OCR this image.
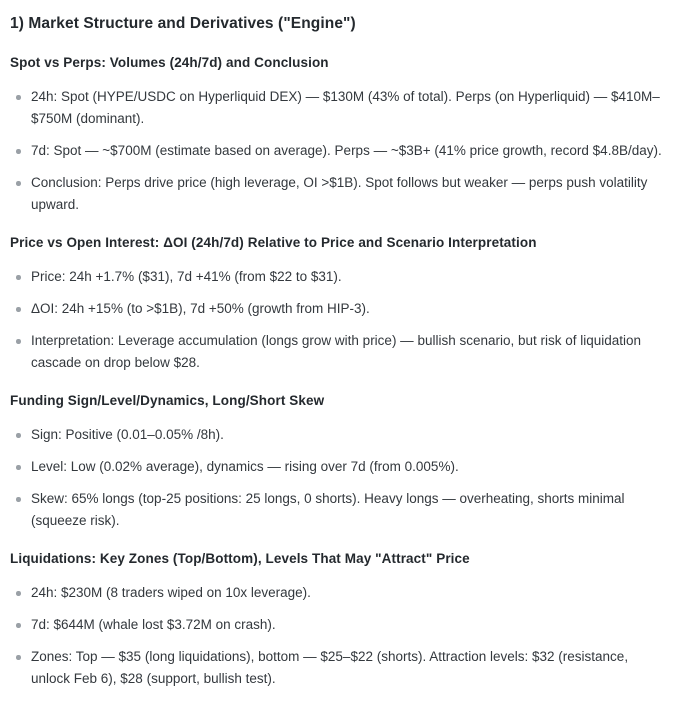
1) Market Structure and Derivatives ("Engine")
Spot vs Perps: Volumes (24h/7d) and Conclusion
24h: Spot (HYPE/USDC on Hyperliquid DEX) — $130M (43% of total). Perps (on Hyperliquid) — $410M–$750M (dominant).
7d: Spot — ~$700M (estimate based on average). Perps — ~$3B+ (41% price growth, record $4.8B/day).
Conclusion: Perps drive price (high leverage, OI >$1B). Spot follows but weaker — perps push volatility upward.
Price vs Open Interest: ΔOI (24h/7d) Relative to Price and Scenario Interpretation
Price: 24h +1.7% ($31), 7d +41% (from $22 to $31).
ΔOI: 24h +15% (to >$1B), 7d +50% (growth from HIP-3).
Interpretation: Leverage accumulation (longs grow with price) — bullish scenario, but risk of liquidation cascade on drop below $28.
Funding Sign/Level/Dynamics, Long/Short Skew
Sign: Positive (0.01–0.05% /8h).
Level: Low (0.02% average), dynamics — rising over 7d (from 0.005%).
Skew: 65% longs (top-25 positions: 25 longs, 0 shorts). Heavy longs — overheating, shorts minimal (squeeze risk).
Liquidations: Key Zones (Top/Bottom), Levels That May "Attract" Price
24h: $230M (8 traders wiped on 10x leverage).
7d: $644M (whale lost $3.72M on crash).
Zones: Top — $35 (long liquidations), bottom — $25–$22 (shorts). Attraction levels: $32 (resistance, unlock Feb 6), $28 (support, bullish test).
